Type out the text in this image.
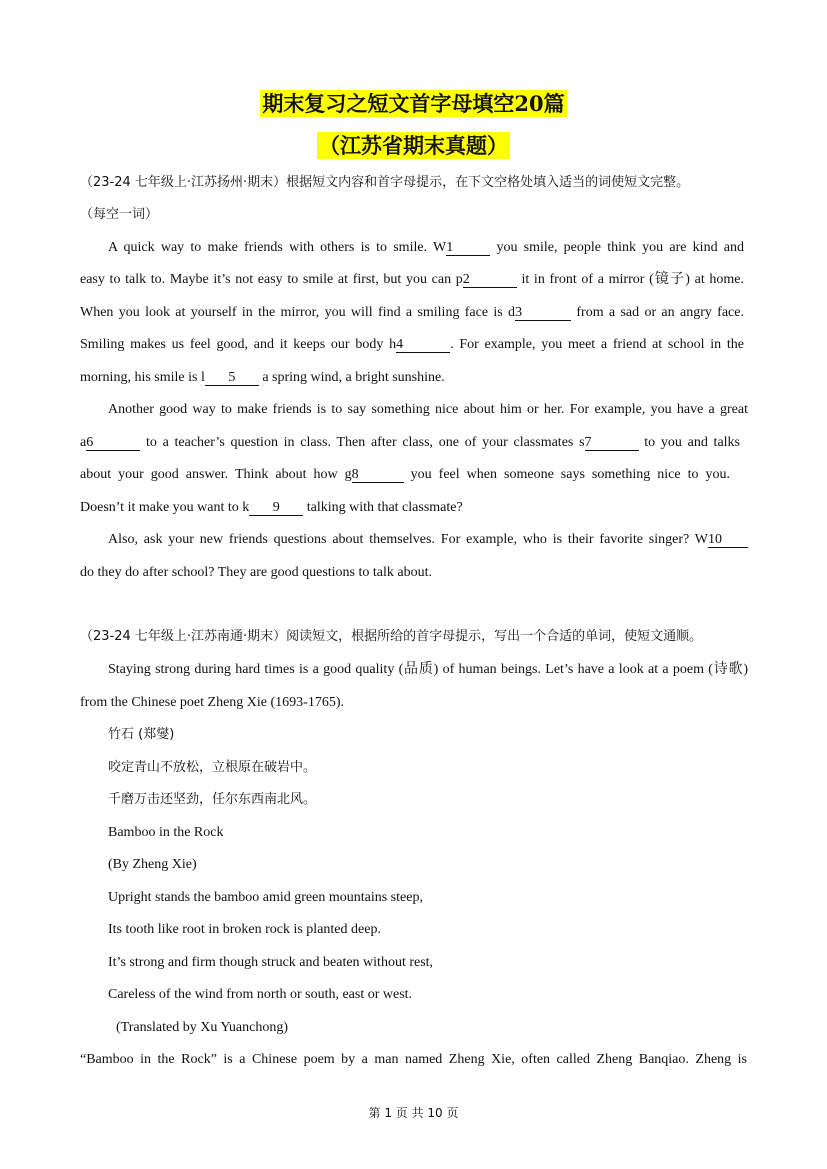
期末复习之短文首字母填空20篇
（江苏省期末真题）
（23-24 七年级上·江苏扬州·期末）根据短文内容和首字母提示，在下文空格处填入适当的词使短文完整。
（每空一词）
A quick way to make friends with others is to smile. W1	you smile, people think you are kind and
easy to talk to. Maybe it’s not easy to smile at first, but you can p2	it in front of a mirror (镜子) at home.
When you look at yourself in the mirror, you will find a smiling face is d3	from a sad or an angry face.
Smiling makes us feel good, and it keeps our body h4	. For example, you meet a friend at school in the
morning, his smile is l 5 a spring wind, a bright sunshine.
Another good way to make friends is to say something nice about him or her. For example, you have a great
a6	to a teacher’s question in class. Then after class, one of your classmates s7	to you and talks
about your good answer. Think about how g8	you feel when someone says something nice to you.
Doesn’t it make you want to k 9 talking with that classmate?
Also, ask your new friends questions about themselves. For example, who is their favorite singer? W10
do they do after school? They are good questions to talk about.
（23-24 七年级上·江苏南通·期末）阅读短文，根据所给的首字母提示，写出一个合适的单词，使短文通顺。
Staying strong during hard times is a good quality (品质) of human beings. Let’s have a look at a poem (诗歌)
from the Chinese poet Zheng Xie (1693-1765).
竹石 (郑燮)
咬定青山不放松，立根原在破岩中。
千磨万击还坚劲，任尔东西南北风。
Bamboo in the Rock
(By Zheng Xie)
Upright stands the bamboo amid green mountains steep,
Its tooth like root in broken rock is planted deep.
It’s strong and firm though struck and beaten without rest,
Careless of the wind from north or south, east or west.
(Translated by Xu Yuanchong)
“Bamboo in the Rock” is a Chinese poem by a man named Zheng Xie, often called Zheng Banqiao. Zheng is
第 1 页 共 10 页
